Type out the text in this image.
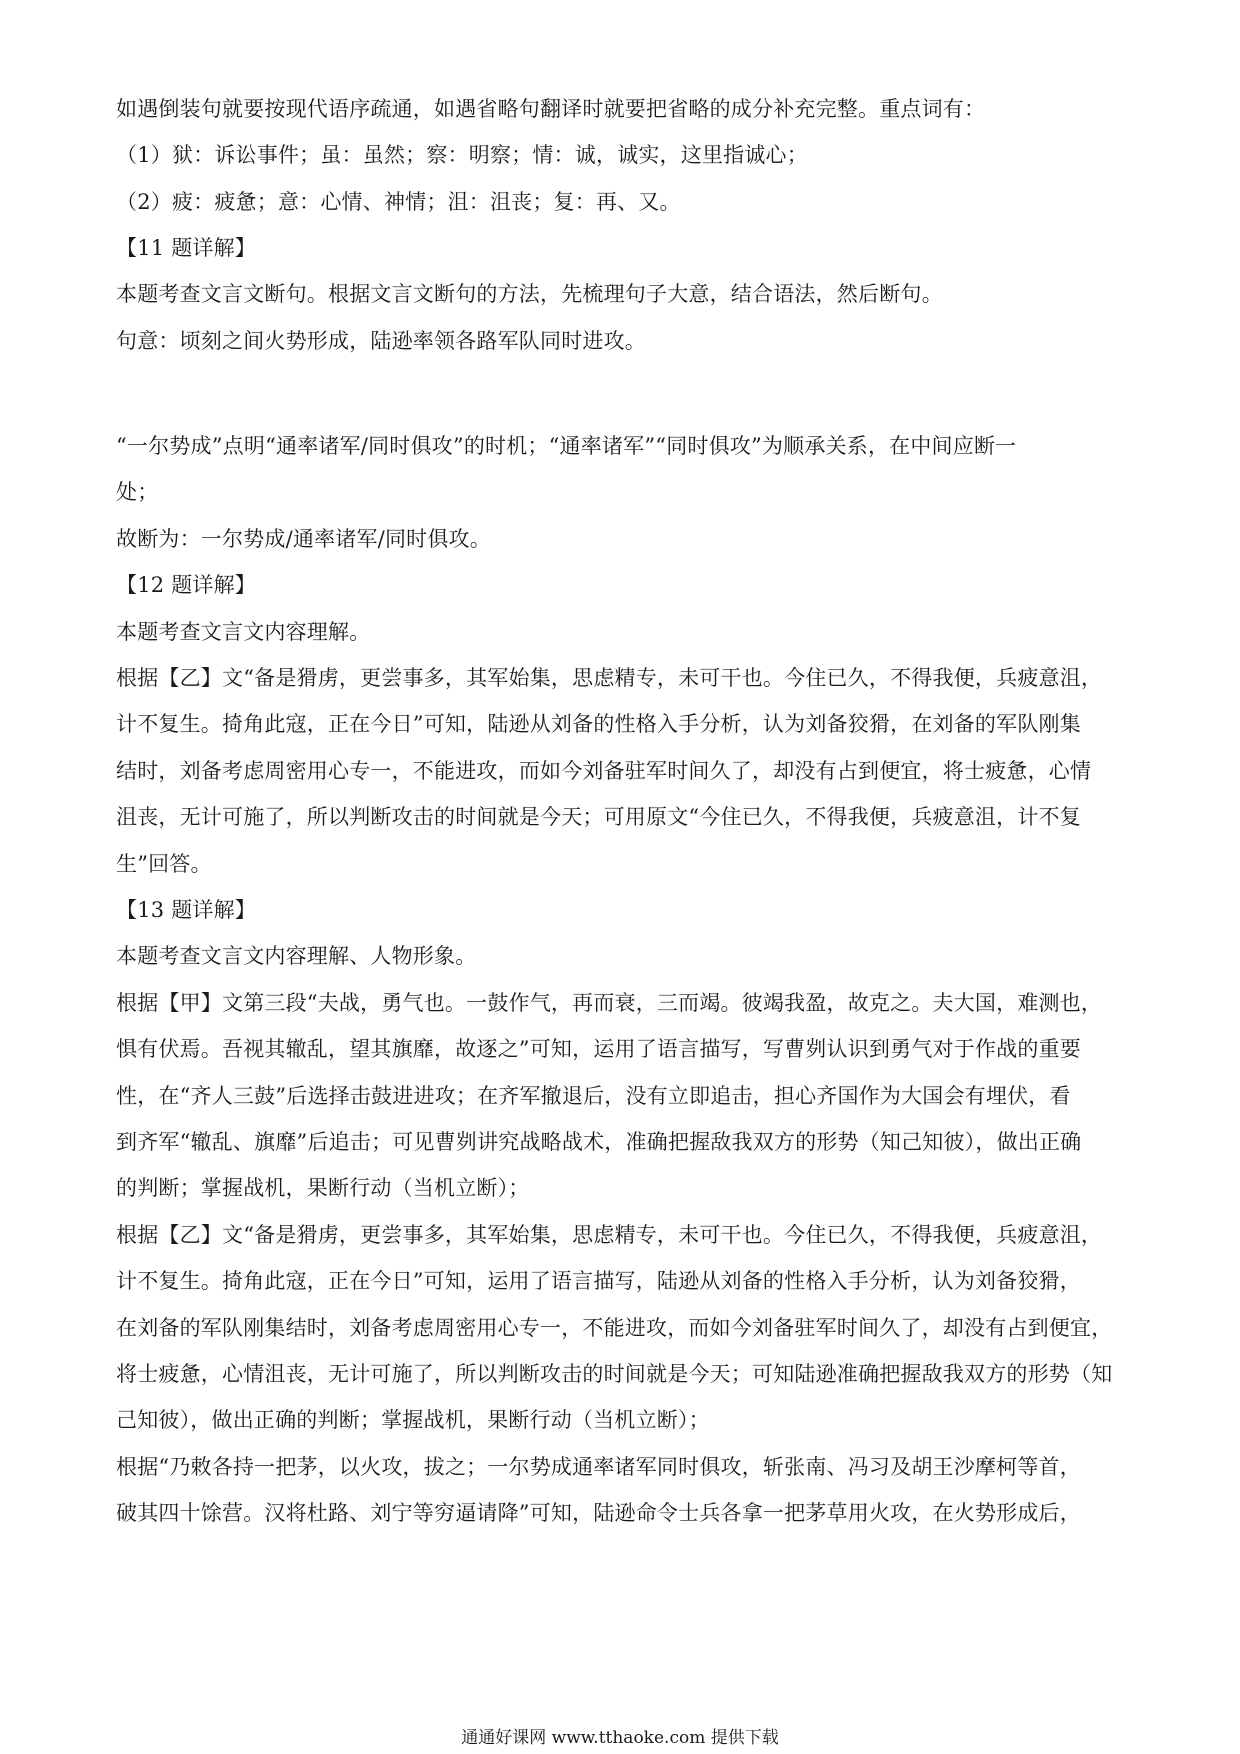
如遇倒装句就要按现代语序疏通，如遇省略句翻译时就要把省略的成分补充完整。重点词有：
（1）狱：诉讼事件；虽：虽然；察：明察；情：诚，诚实，这里指诚心；
（2）疲：疲惫；意：心情、神情；沮：沮丧；复：再、又。
【11 题详解】
本题考查文言文断句。根据文言文断句的方法，先梳理句子大意，结合语法，然后断句。
句意：顷刻之间火势形成，陆逊率领各路军队同时进攻。
“一尔势成”点明“通率诸军/同时俱攻”的时机；“通率诸军”“同时俱攻”为顺承关系，在中间应断一
处；
故断为：一尔势成/通率诸军/同时俱攻。
【12 题详解】
本题考查文言文内容理解。
根据【乙】文“备是猾虏，更尝事多，其军始集，思虑精专，未可干也。今住已久，不得我便，兵疲意沮，
计不复生。掎角此寇，正在今日”可知，陆逊从刘备的性格入手分析，认为刘备狡猾，在刘备的军队刚集
结时，刘备考虑周密用心专一，不能进攻，而如今刘备驻军时间久了，却没有占到便宜，将士疲惫，心情
沮丧，无计可施了，所以判断攻击的时间就是今天；可用原文“今住已久，不得我便，兵疲意沮，计不复
生”回答。
【13 题详解】
本题考查文言文内容理解、人物形象。
根据【甲】文第三段“夫战，勇气也。一鼓作气，再而衰，三而竭。彼竭我盈，故克之。夫大国，难测也，
惧有伏焉。吾视其辙乱，望其旗靡，故逐之”可知，运用了语言描写，写曹刿认识到勇气对于作战的重要
性，在“齐人三鼓”后选择击鼓进进攻；在齐军撤退后，没有立即追击，担心齐国作为大国会有埋伏，看
到齐军“辙乱、旗靡”后追击；可见曹刿讲究战略战术，准确把握敌我双方的形势（知己知彼），做出正确
的判断；掌握战机，果断行动（当机立断）；
根据【乙】文“备是猾虏，更尝事多，其军始集，思虑精专，未可干也。今住已久，不得我便，兵疲意沮，
计不复生。掎角此寇，正在今日”可知，运用了语言描写，陆逊从刘备的性格入手分析，认为刘备狡猾，
在刘备的军队刚集结时，刘备考虑周密用心专一，不能进攻，而如今刘备驻军时间久了，却没有占到便宜，
将士疲惫，心情沮丧，无计可施了，所以判断攻击的时间就是今天；可知陆逊准确把握敌我双方的形势（知
己知彼），做出正确的判断；掌握战机，果断行动（当机立断）；
根据“乃敕各持一把茅，以火攻，拔之；一尔势成通率诸军同时俱攻，斩张南、冯习及胡王沙摩柯等首，
破其四十馀营。汉将杜路、刘宁等穷逼请降”可知，陆逊命令士兵各拿一把茅草用火攻，在火势形成后，
通通好课网 www.tthaoke.com 提供下载
